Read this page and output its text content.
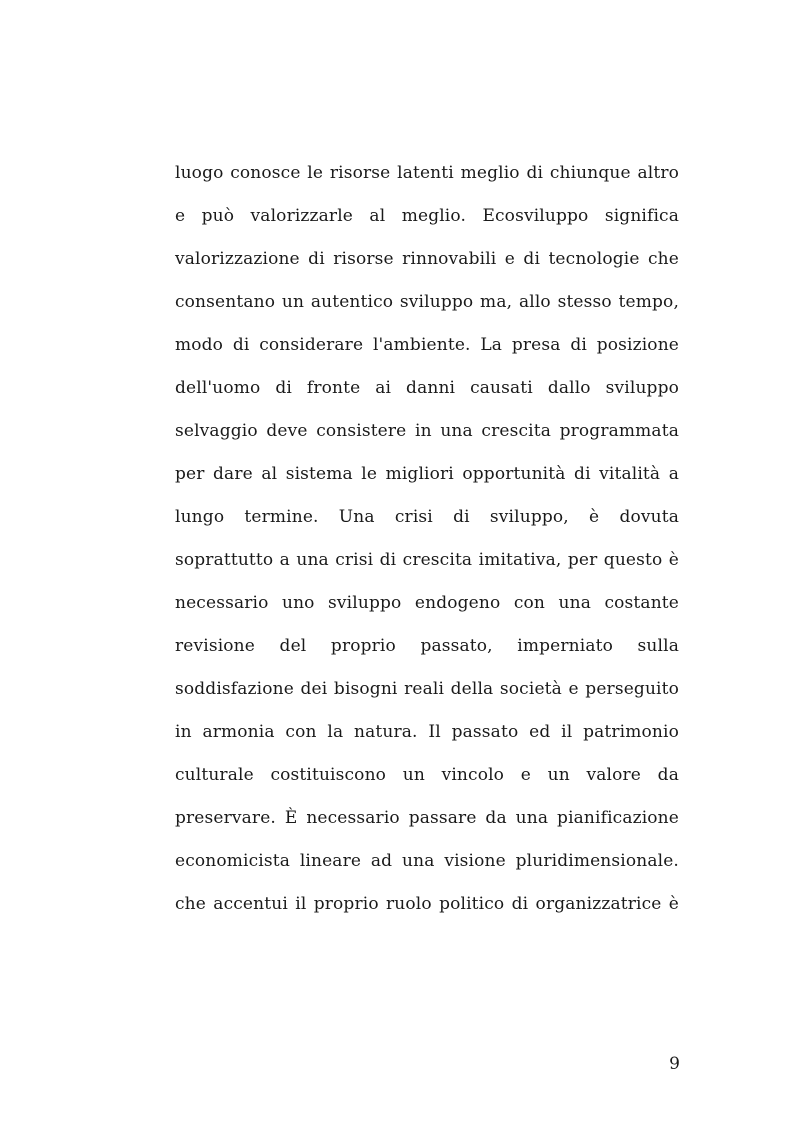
luogo conosce le risorse latenti meglio di chiunque altro
e può valorizzarle al meglio. Ecosviluppo significa
valorizzazione di risorse rinnovabili e di tecnologie che
consentano un autentico sviluppo ma, allo stesso tempo,
modo di considerare l'ambiente. La presa di posizione
dell'uomo di fronte ai danni causati dallo sviluppo
selvaggio deve consistere in una crescita programmata
per dare al sistema le migliori opportunità di vitalità a
lungo termine. Una crisi di sviluppo, è dovuta
soprattutto a una crisi di crescita imitativa, per questo è
necessario uno sviluppo endogeno con una costante
revisione del proprio passato, imperniato sulla
soddisfazione dei bisogni reali della società e perseguito
in armonia con la natura. Il passato ed il patrimonio
culturale costituiscono un vincolo e un valore da
preservare. È necessario passare da una pianificazione
economicista lineare ad una visione pluridimensionale.
che accentui il proprio ruolo politico di organizzatrice è
9
